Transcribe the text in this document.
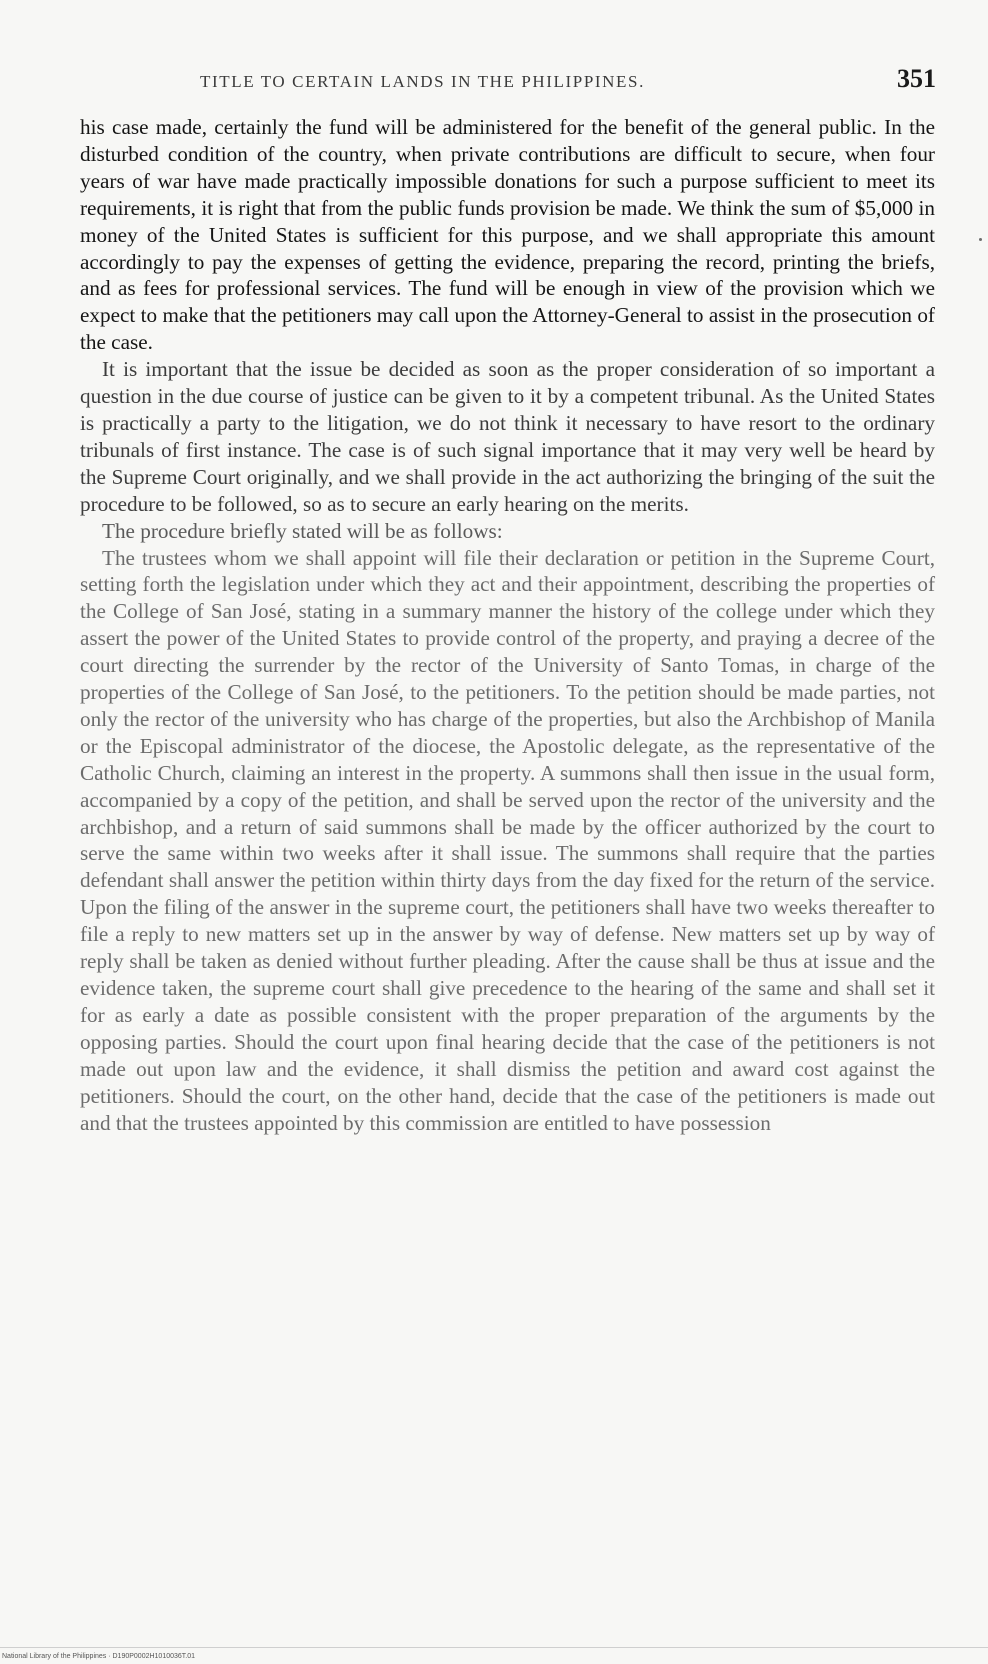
TITLE TO CERTAIN LANDS IN THE PHILIPPINES.	351

his case made, certainly the fund will be administered for the benefit of the general public. In the disturbed condition of the country, when private contributions are difficult to secure, when four years of war have made practically impossible donations for such a purpose sufficient to meet its requirements, it is right that from the public funds provision be made. We think the sum of $5,000 in money of the United States is sufficient for this purpose, and we shall appropriate this amount accordingly to pay the expenses of getting the evidence, preparing the record, printing the briefs, and as fees for professional services. The fund will be enough in view of the provision which we expect to make that the petitioners may call upon the Attorney-General to assist in the prosecution of the case.

It is important that the issue be decided as soon as the proper consideration of so important a question in the due course of justice can be given to it by a competent tribunal. As the United States is practically a party to the litigation, we do not think it necessary to have resort to the ordinary tribunals of first instance. The case is of such signal importance that it may very well be heard by the Supreme Court originally, and we shall provide in the act authorizing the bringing of the suit the procedure to be followed, so as to secure an early hearing on the merits.

The procedure briefly stated will be as follows:

The trustees whom we shall appoint will file their declaration or petition in the Supreme Court, setting forth the legislation under which they act and their appointment, describing the properties of the College of San José, stating in a summary manner the history of the college under which they assert the power of the United States to provide control of the property, and praying a decree of the court directing the surrender by the rector of the University of Santo Tomas, in charge of the properties of the College of San José, to the petitioners. To the petition should be made parties, not only the rector of the university who has charge of the properties, but also the Archbishop of Manila or the Episcopal administrator of the diocese, the Apostolic delegate, as the representative of the Catholic Church, claiming an interest in the property. A summons shall then issue in the usual form, accompanied by a copy of the petition, and shall be served upon the rector of the university and the archbishop, and a return of said summons shall be made by the officer authorized by the court to serve the same within two weeks after it shall issue. The summons shall require that the parties defendant shall answer the petition within thirty days from the day fixed for the return of the service. Upon the filing of the answer in the supreme court, the petitioners shall have two weeks thereafter to file a reply to new matters set up in the answer by way of defense. New matters set up by way of reply shall be taken as denied without further pleading. After the cause shall be thus at issue and the evidence taken, the supreme court shall give precedence to the hearing of the same and shall set it for as early a date as possible consistent with the proper preparation of the arguments by the opposing parties. Should the court upon final hearing decide that the case of the petitioners is not made out upon law and the evidence, it shall dismiss the petition and award cost against the petitioners. Should the court, on the other hand, decide that the case of the petitioners is made out and that the trustees appointed by this commission are entitled to have possession

National Library of the Philippines · D190P0002H1010036T.01
